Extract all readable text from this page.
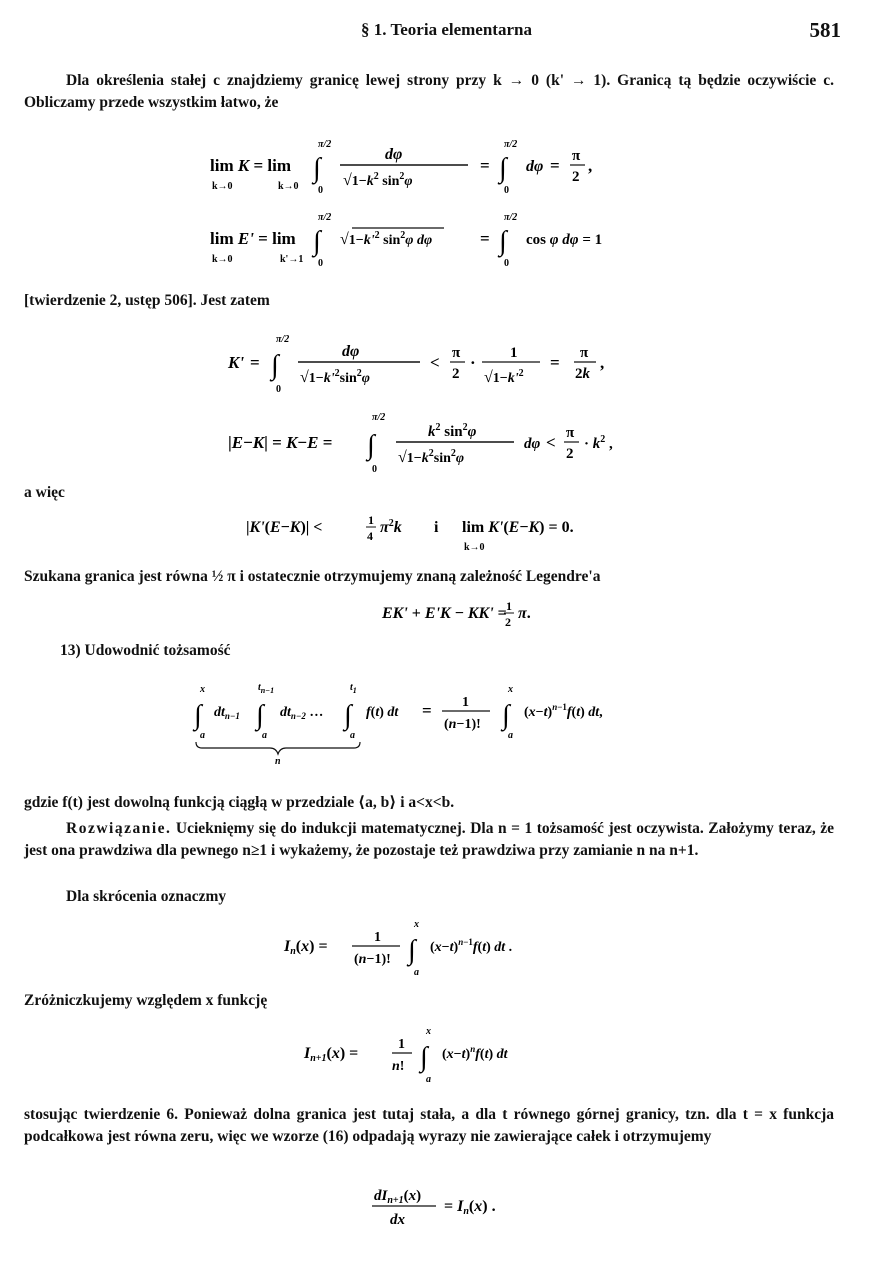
§ 1. Teoria elementarna	581
Dla określenia stałej c znajdziemy granicę lewej strony przy k → 0 (k' → 1). Granicą tą będzie oczywiście c. Obliczamy przede wszystkim łatwo, że
lim K = lim
k→0	k→0
π/2
∫
0
dφ
$√1-k^2$ $\sin^2\varphi$
=
π/2
∫
0
dφ = π
2
,
lim E' = lim
k→0	k'→1
π/2
∫
0
$√1-k'^2$ $\sin^2\varphi$ dφ	=
π/2
∫
0
cos φ dφ = 1
[twierdzenie 2, ustęp 506]. Jest zatem
K' =
π/2
∫
0
dφ
$√1-k'^2\sin^2\varphi$
< π
2
· 1
$√1-k'^2$
= π
2k
,
|E−K| = K−E =
π/2
∫
0
$k^2$ $\sin^2\varphi$
$√1-k^2\sin^2\varphi$
dφ < π
2
· $k^2$ ,
a więc
|K'(E−K)| <	1
4 $\pi^2k$ i lim K'(E−K) = 0.
k→0
Szukana granica jest równa ½ π i ostatecznie otrzymujemy znaną zależność Legendre'a
EK' + E'K − KK' = 1
2 π.
13) Udowodnić tożsamość
x
∫
a
$dt_{n-1}$
$t_{n-1}$
∫
a
$dt_{n-2}$ …
$t_1$
∫
a
f(t) dt
n
= 1
(n−1)!
x
∫
a
$(x-t)^n-1f(t)$ dt,
gdzie f(t) jest dowolną funkcją ciągłą w przedziale ⟨a, b⟩ i a<x<b.
Rozwiązanie. Ucieknięmy się do indukcji matematycznej. Dla n = 1 tożsamość jest oczywista. Założymy teraz, że jest ona prawdziwa dla pewnego n≥1 i wykażemy, że pozostaje też prawdziwa przy zamianie n na n+1.
Dla skrócenia oznaczmy
In(x) =
1
(n−1)!
x
∫
a
$(x-t)^n-1f(t)$ dt .
Zróżniczkujemy względem x funkcję
In+1(x) =
1
n!
x
∫
a
$(x-t)^nf(t)$ dt
stosując twierdzenie 6. Ponieważ dolna granica jest tutaj stała, a dla t równego górnej granicy, tzn. dla t = x funkcja podcałkowa jest równa zeru, więc we wzorze (16) odpadają wyrazy nie zawierające całek i otrzymujemy
$dI_{n+1}(x)$
dx
= In(x) .
